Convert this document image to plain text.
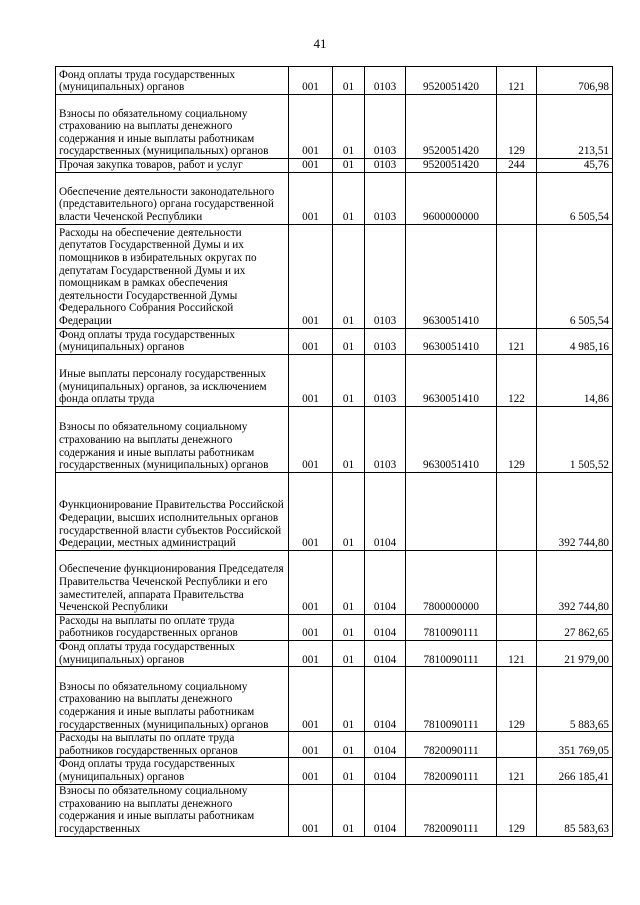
41
Фонд оплаты труда государственных (муниципальных) органов	001	01	0103	9520051420	121	706,98
Взносы по обязательному социальному страхованию на выплаты денежного содержания и иные выплаты работникам государственных (муниципальных) органов	001	01	0103	9520051420	129	213,51
Прочая закупка товаров, работ и услуг	001	01	0103	9520051420	244	45,76
Обеспечение деятельности законодательного (представительного) органа государственной власти Чеченской Республики	001	01	0103	9600000000		6 505,54
Расходы на обеспечение деятельности депутатов Государственной Думы и их помощников в избирательных округах по депутатам Государственной Думы и их помощникам в рамках обеспечения деятельности Государственной Думы Федерального Собрания Российской Федерации	001	01	0103	9630051410		6 505,54
Фонд оплаты труда государственных (муниципальных) органов	001	01	0103	9630051410	121	4 985,16
Иные выплаты персоналу государственных (муниципальных) органов, за исключением фонда оплаты труда	001	01	0103	9630051410	122	14,86
Взносы по обязательному социальному страхованию на выплаты денежного содержания и иные выплаты работникам государственных (муниципальных) органов	001	01	0103	9630051410	129	1 505,52
Функционирование Правительства Российской Федерации, высших исполнительных органов государственной власти субъектов Российской Федерации, местных администраций	001	01	0104			392 744,80
Обеспечение функционирования Председателя Правительства Чеченской Республики и его заместителей, аппарата Правительства Чеченской Республики	001	01	0104	7800000000		392 744,80
Расходы на выплаты по оплате труда работников государственных органов	001	01	0104	7810090111		27 862,65
Фонд оплаты труда государственных (муниципальных) органов	001	01	0104	7810090111	121	21 979,00
Взносы по обязательному социальному страхованию на выплаты денежного содержания и иные выплаты работникам государственных (муниципальных) органов	001	01	0104	7810090111	129	5 883,65
Расходы на выплаты по оплате труда работников государственных органов	001	01	0104	7820090111		351 769,05
Фонд оплаты труда государственных (муниципальных) органов	001	01	0104	7820090111	121	266 185,41
Взносы по обязательному социальному страхованию на выплаты денежного содержания и иные выплаты работникам государственных	001	01	0104	7820090111	129	85 583,63
